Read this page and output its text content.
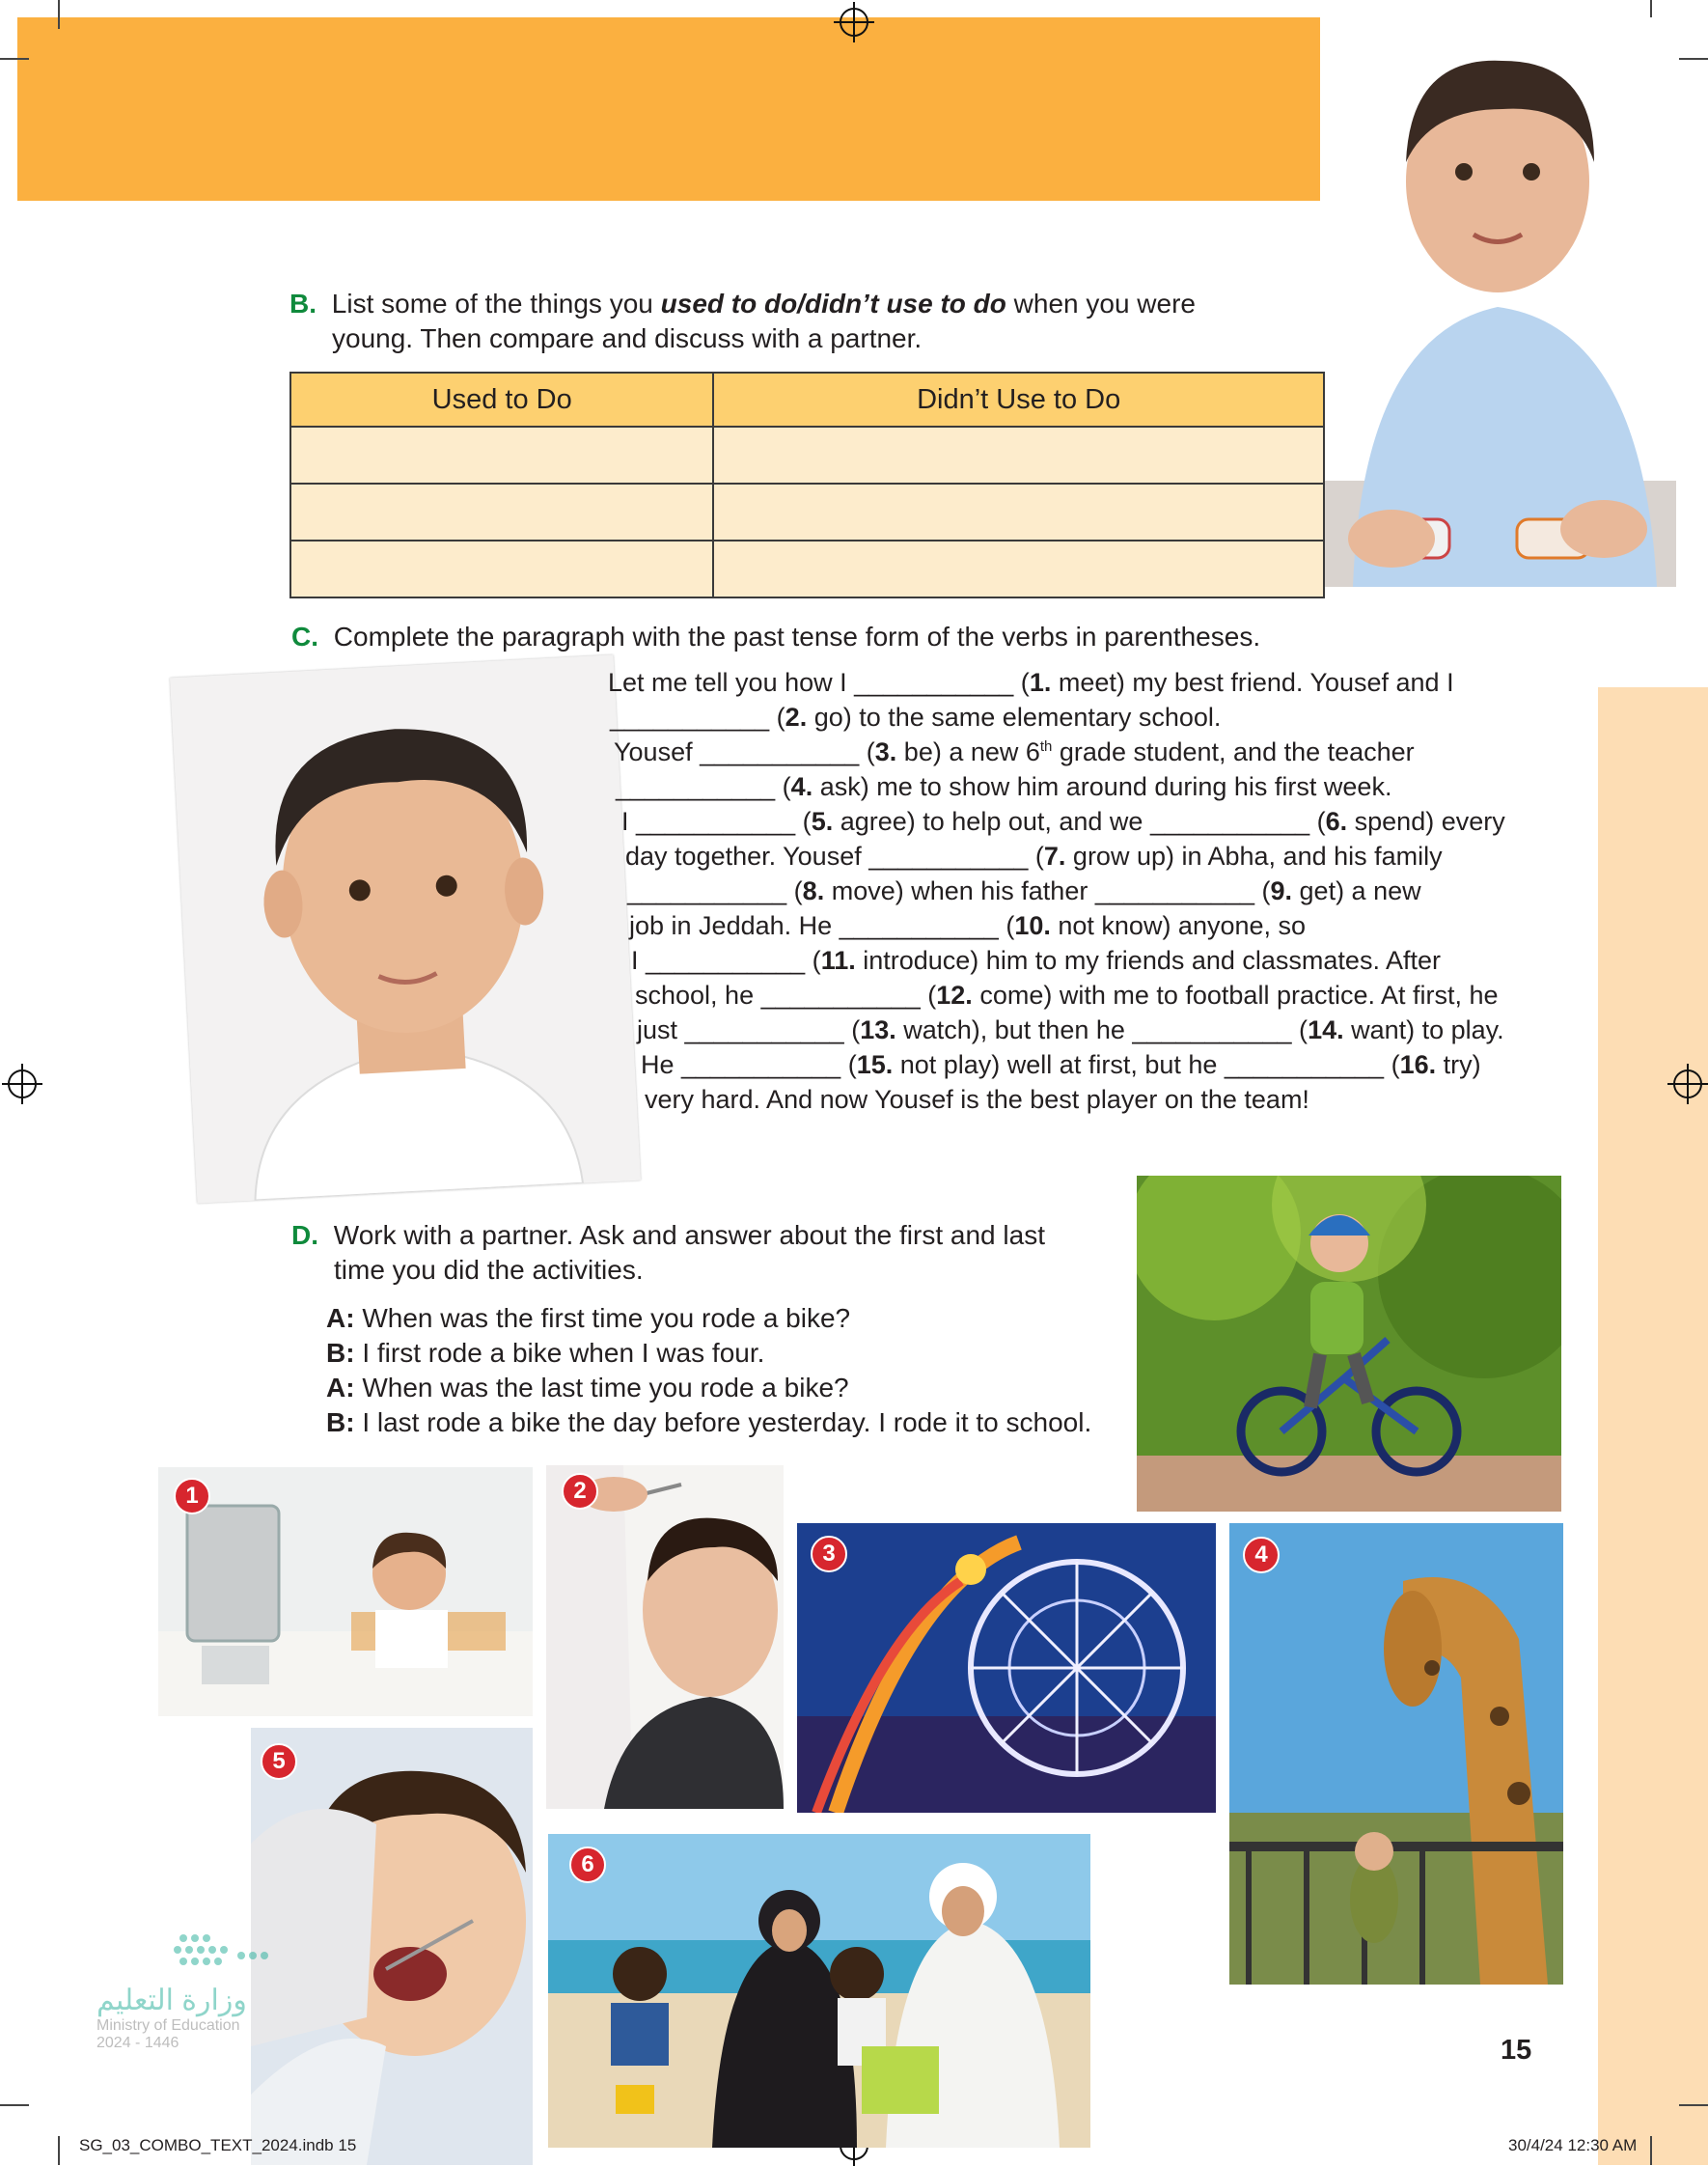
B. List some of the things you used to do/didn’t use to do when you were
young. Then compare and discuss with a partner.
Used to Do	Didn’t Use to Do

C. Complete the paragraph with the past tense form of the verbs in parentheses.
Let me tell you how I ___________ (1. meet) my best friend. Yousef and I
___________ (2. go) to the same elementary school.
Yousef ___________ (3. be) a new 6th grade student, and the teacher
___________ (4. ask) me to show him around during his first week.
I ___________ (5. agree) to help out, and we ___________ (6. spend) every
day together. Yousef ___________ (7. grow up) in Abha, and his family
___________ (8. move) when his father ___________ (9. get) a new
job in Jeddah. He ___________ (10. not know) anyone, so
I ___________ (11. introduce) him to my friends and classmates. After
school, he ___________ (12. come) with me to football practice. At first, he
just ___________ (13. watch), but then he ___________ (14. want) to play.
He ___________ (15. not play) well at first, but he ___________ (16. try)
very hard. And now Yousef is the best player on the team!
D. Work with a partner. Ask and answer about the first and last
time you did the activities.
A: When was the first time you rode a bike?
B: I first rode a bike when I was four.
A: When was the last time you rode a bike?
B: I last rode a bike the day before yesterday. I rode it to school.
1	2
3	4
5
6
وزارة التعليم
Ministry of Education
2024 - 1446	15
SG_03_COMBO_TEXT_2024.indb 15	30/4/24 12:30 AM
